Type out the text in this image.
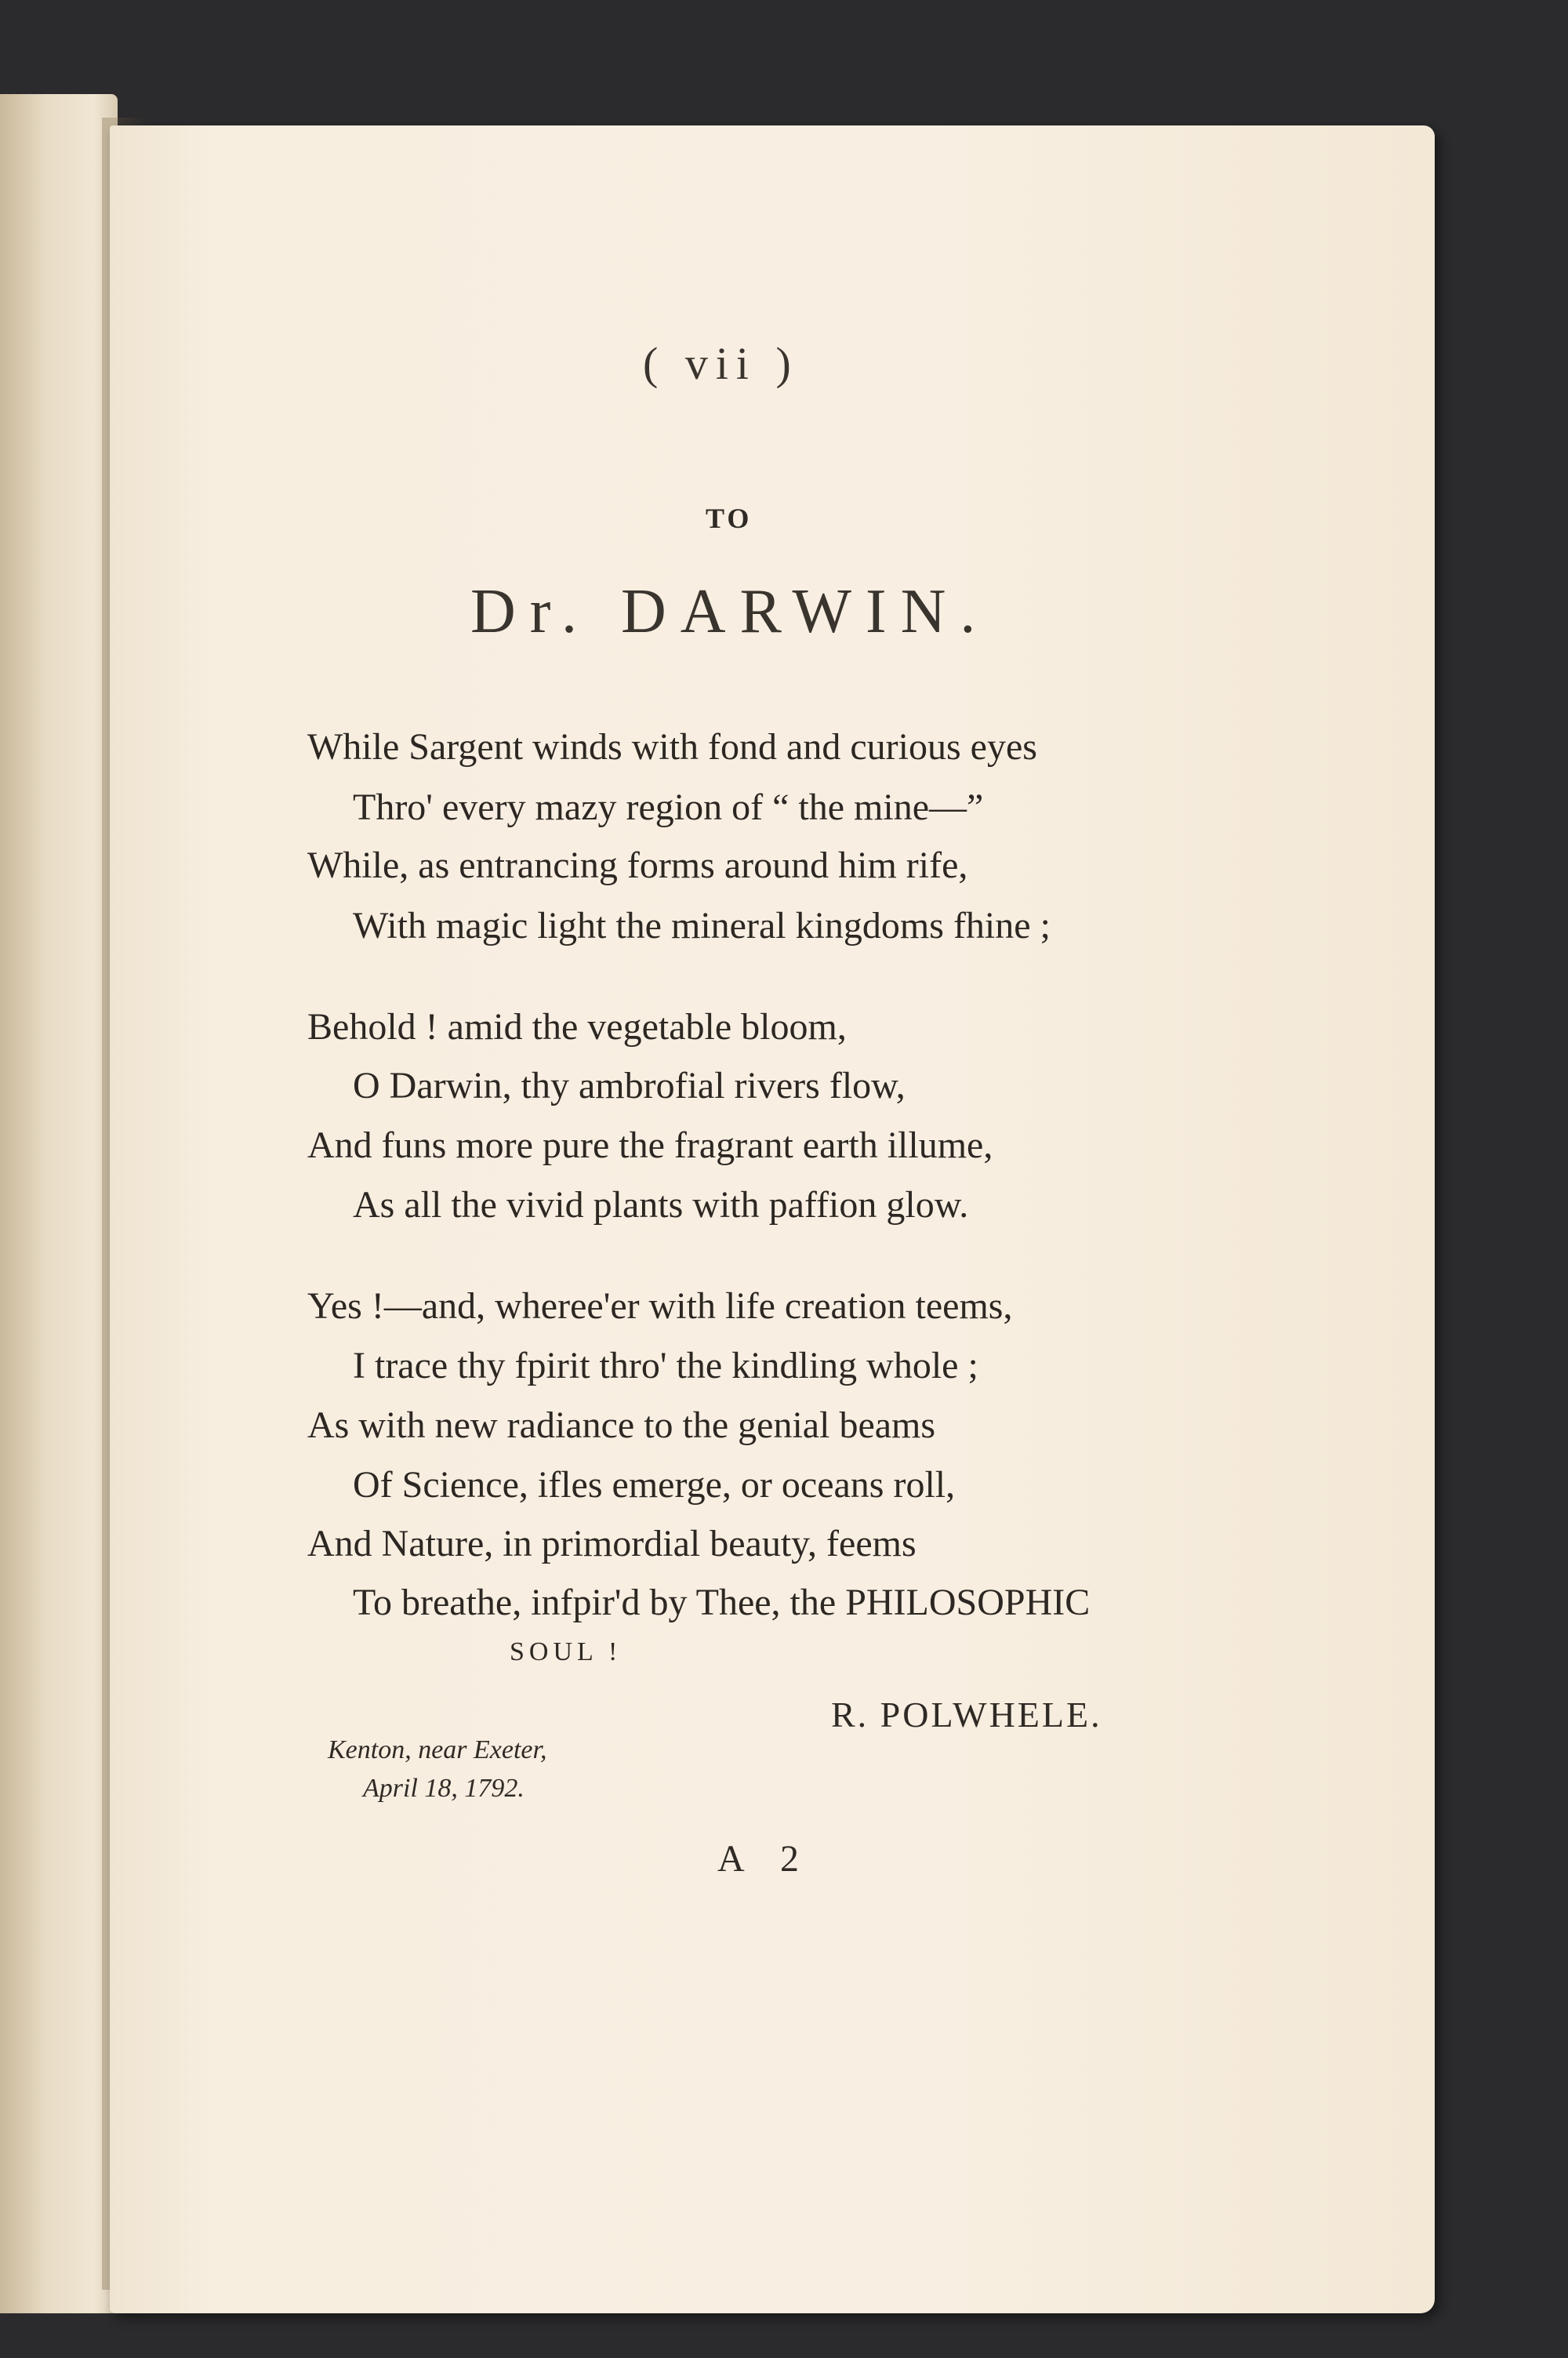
( vii )
TO
Dr. DARWIN.
While Sargent winds with fond and curious eyes
Thro' every mazy region of “ the mine—”
While, as entrancing forms around him rife,
With magic light the mineral kingdoms fhine ;
Behold ! amid the vegetable bloom,
O Darwin, thy ambrofial rivers flow,
And funs more pure the fragrant earth illume,
As all the vivid plants with paffion glow.
Yes !—and, wheree'er with life creation teems,
I trace thy fpirit thro' the kindling whole ;
As with new radiance to the genial beams
Of Science, ifles emerge, or oceans roll,
And Nature, in primordial beauty, feems
To breathe, infpir'd by Thee, the PHILOSOPHIC
SOUL !
R. POLWHELE.
Kenton, near Exeter,
April 18, 1792.
A 2
